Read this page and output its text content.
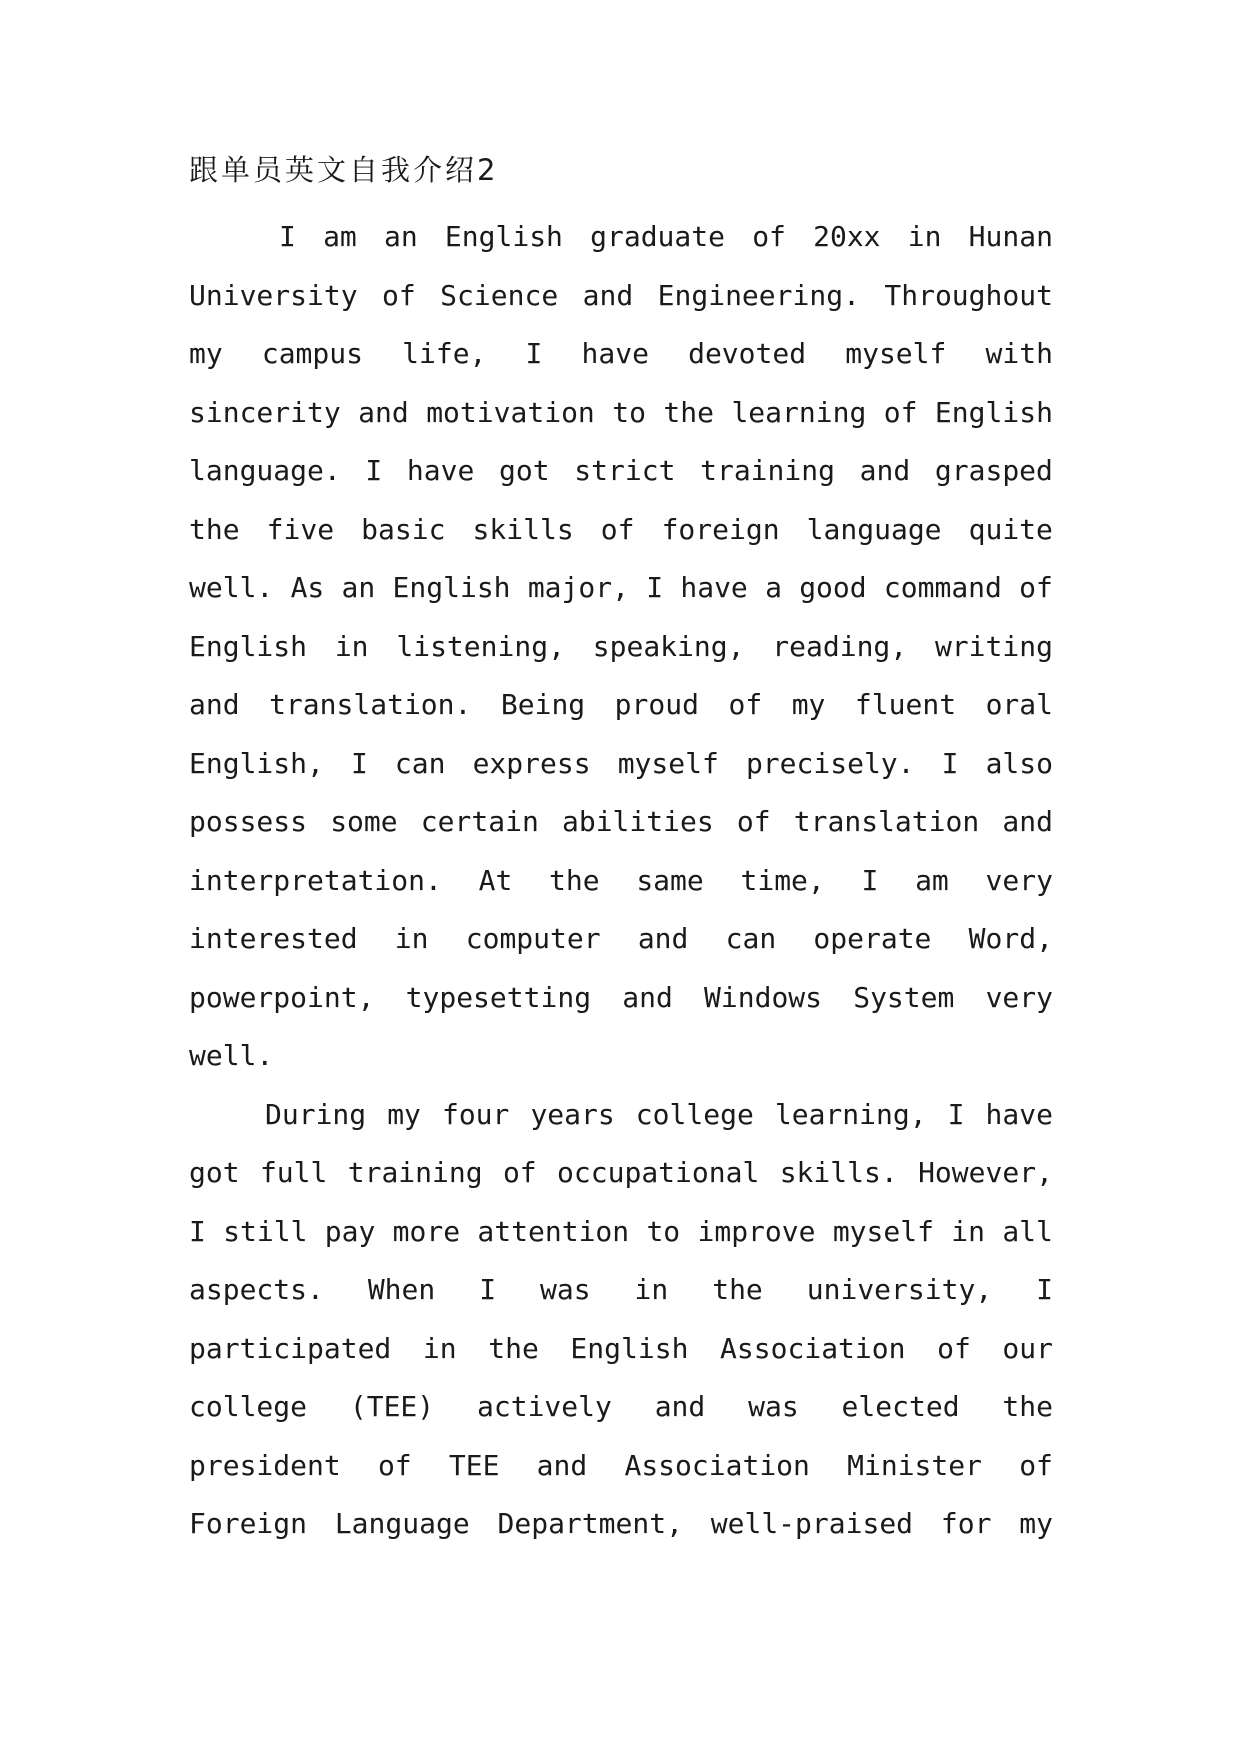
跟单员英文自我介绍2
I am an English graduate of 20xx in Hunan
University of Science and Engineering. Throughout
my campus life, I have devoted myself with
sincerity and motivation to the learning of English
language. I have got strict training and grasped
the five basic skills of foreign language quite
well. As an English major, I have a good command of
English in listening, speaking, reading, writing
and translation. Being proud of my fluent oral
English, I can express myself precisely. I also
possess some certain abilities of translation and
interpretation. At the same time, I am very
interested in computer and can operate Word,
powerpoint, typesetting and Windows System very
well.
During my four years college learning, I have
got full training of occupational skills. However,
I still pay more attention to improve myself in all
aspects. When I was in the university, I
participated in the English Association of our
college (TEE) actively and was elected the
president of TEE and Association Minister of
Foreign Language Department, well-praised for my
